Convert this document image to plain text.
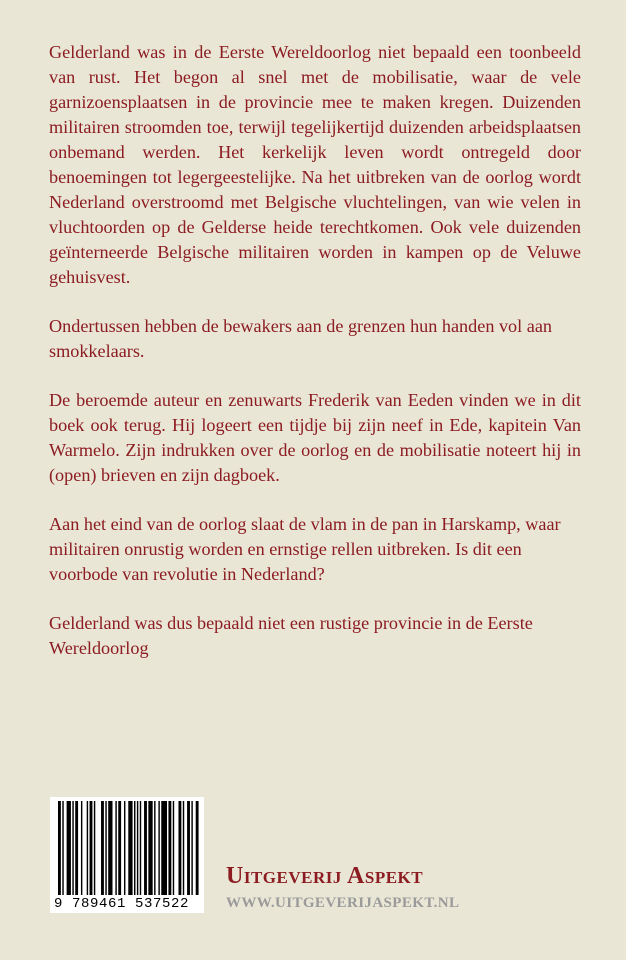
Gelderland was in de Eerste Wereldoorlog niet bepaald een toonbeeld van rust. Het begon al snel met de mobilisatie, waar de vele garnizoensplaatsen in de provincie mee te maken kregen. Duizenden militairen stroomden toe, terwijl tegelijkertijd duizenden arbeidsplaatsen onbemand werden. Het kerkelijk leven wordt ontregeld door benoemingen tot legergeestelijke. Na het uitbreken van de oorlog wordt Nederland overstroomd met Belgische vluchtelingen, van wie velen in vluchtoorden op de Gelderse heide terechtkomen. Ook vele duizenden geïnterneerde Belgische militairen worden in kampen op de Veluwe gehuisvest.

Ondertussen hebben de bewakers aan de grenzen hun handen vol aan smokkelaars.

De beroemde auteur en zenuwarts Frederik van Eeden vinden we in dit boek ook terug. Hij logeert een tijdje bij zijn neef in Ede, kapitein Van Warmelo. Zijn indrukken over de oorlog en de mobilisatie noteert hij in (open) brieven en zijn dagboek.

Aan het eind van de oorlog slaat de vlam in de pan in Harskamp, waar militairen onrustig worden en ernstige rellen uitbreken. Is dit een voorbode van revolutie in Nederland?

Gelderland was dus bepaald niet een rustige provincie in de Eerste Wereldoorlog

9 789461 537522
Uitgeverij Aspekt
WWW.UITGEVERIJASPEKT.NL
